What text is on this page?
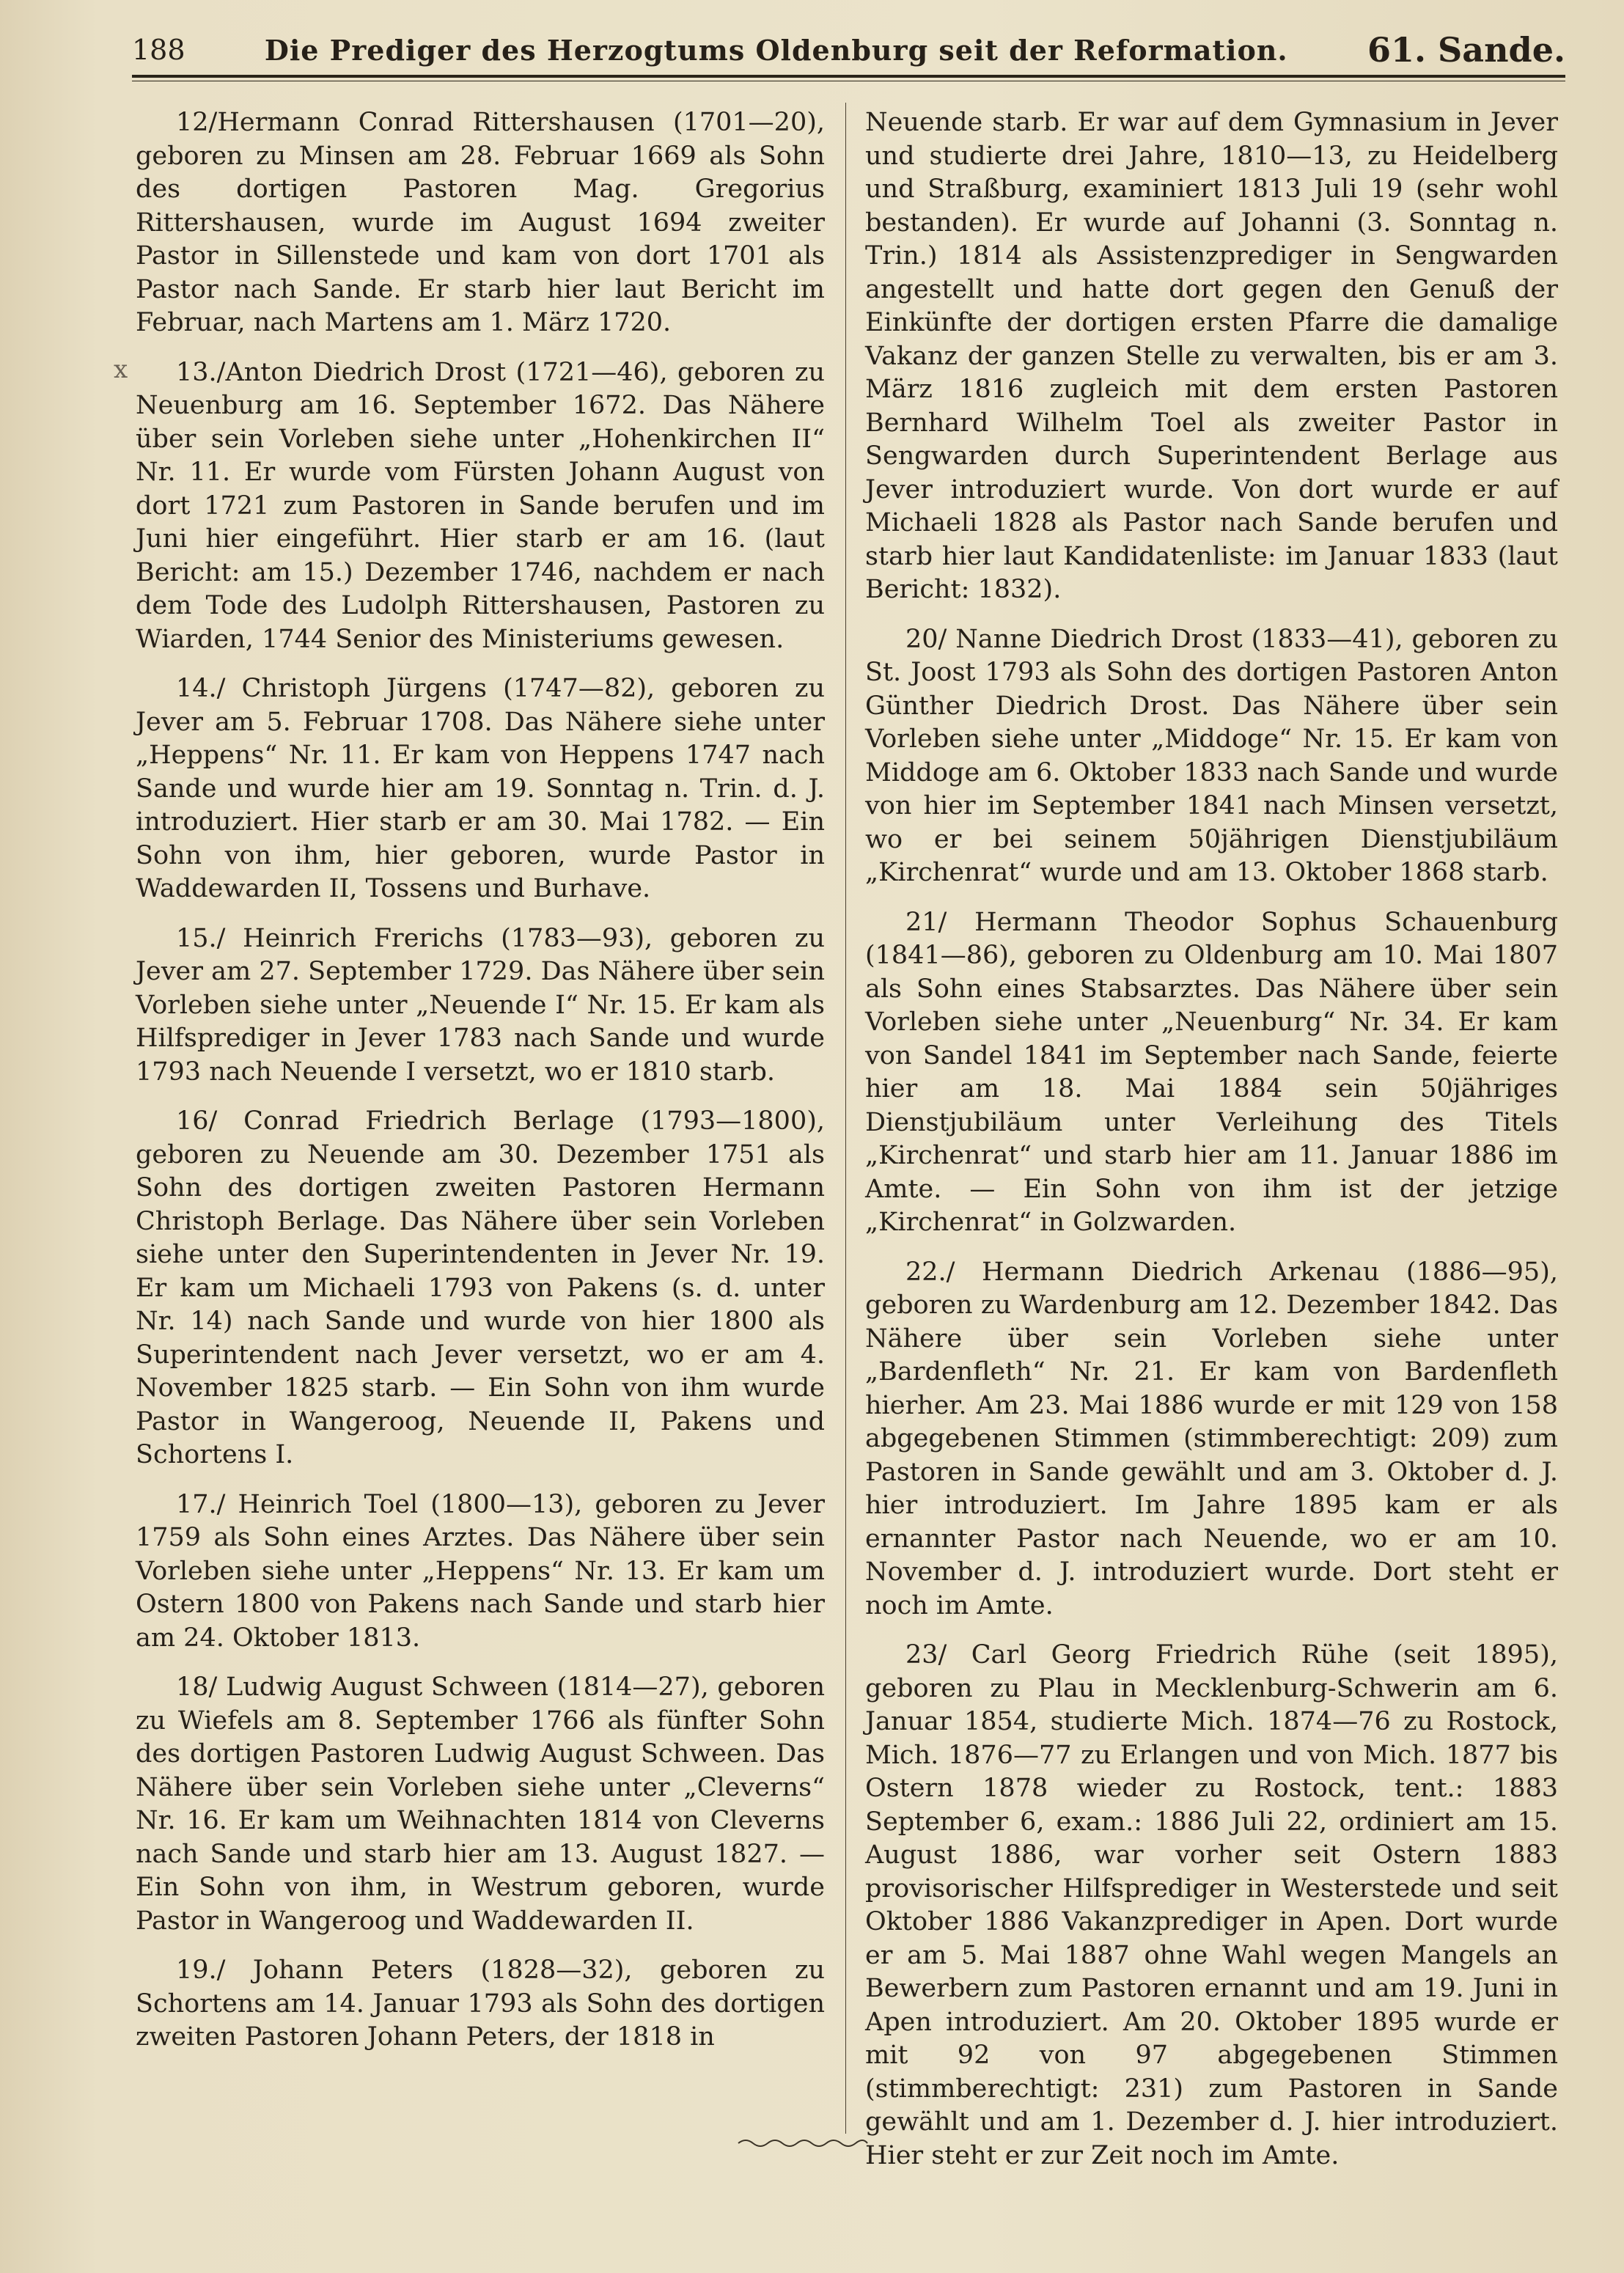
188	Die Prediger des Herzogtums Oldenburg seit der Reformation. 61. Sande.
x

12/Hermann Conrad Rittershausen (1701—20), geboren zu Minsen am 28. Februar 1669 als Sohn des dortigen Pastoren Mag. Gregorius Rittershausen, wurde im August 1694 zweiter Pastor in Sillenstede und kam von dort 1701 als Pastor nach Sande. Er starb hier laut Bericht im Februar, nach Martens am 1. März 1720.

13./Anton Diedrich Drost (1721—46), geboren zu Neuenburg am 16. September 1672. Das Nähere über sein Vorleben siehe unter „Hohenkirchen II“ Nr. 11. Er wurde vom Fürsten Johann August von dort 1721 zum Pastoren in Sande berufen und im Juni hier eingeführt. Hier starb er am 16. (laut Bericht: am 15.) Dezember 1746, nachdem er nach dem Tode des Ludolph Rittershausen, Pastoren zu Wiarden, 1744 Senior des Ministeriums gewesen.

14./ Christoph Jürgens (1747—82), geboren zu Jever am 5. Februar 1708. Das Nähere siehe unter „Heppens“ Nr. 11. Er kam von Heppens 1747 nach Sande und wurde hier am 19. Sonntag n. Trin. d. J. introduziert. Hier starb er am 30. Mai 1782. — Ein Sohn von ihm, hier geboren, wurde Pastor in Waddewarden II, Tossens und Burhave.

15./ Heinrich Frerichs (1783—93), geboren zu Jever am 27. September 1729. Das Nähere über sein Vorleben siehe unter „Neuende I“ Nr. 15. Er kam als Hilfsprediger in Jever 1783 nach Sande und wurde 1793 nach Neuende I versetzt, wo er 1810 starb.

16/ Conrad Friedrich Berlage (1793—1800), geboren zu Neuende am 30. Dezember 1751 als Sohn des dortigen zweiten Pastoren Hermann Christoph Berlage. Das Nähere über sein Vorleben siehe unter den Superintendenten in Jever Nr. 19. Er kam um Michaeli 1793 von Pakens (s. d. unter Nr. 14) nach Sande und wurde von hier 1800 als Superintendent nach Jever versetzt, wo er am 4. November 1825 starb. — Ein Sohn von ihm wurde Pastor in Wangeroog, Neuende II, Pakens und Schortens I.

17./ Heinrich Toel (1800—13), geboren zu Jever 1759 als Sohn eines Arztes. Das Nähere über sein Vorleben siehe unter „Heppens“ Nr. 13. Er kam um Ostern 1800 von Pakens nach Sande und starb hier am 24. Oktober 1813.

18/ Ludwig August Schween (1814—27), geboren zu Wiefels am 8. September 1766 als fünfter Sohn des dortigen Pastoren Ludwig August Schween. Das Nähere über sein Vorleben siehe unter „Cleverns“ Nr. 16. Er kam um Weihnachten 1814 von Cleverns nach Sande und starb hier am 13. August 1827. — Ein Sohn von ihm, in Westrum geboren, wurde Pastor in Wangeroog und Waddewarden II.

19./ Johann Peters (1828—32), geboren zu Schortens am 14. Januar 1793 als Sohn des dortigen zweiten Pastoren Johann Peters, der 1818 in

Neuende starb. Er war auf dem Gymnasium in Jever und studierte drei Jahre, 1810—13, zu Heidelberg und Straßburg, examiniert 1813 Juli 19 (sehr wohl bestanden). Er wurde auf Johanni (3. Sonntag n. Trin.) 1814 als Assistenzprediger in Sengwarden angestellt und hatte dort gegen den Genuß der Einkünfte der dortigen ersten Pfarre die damalige Vakanz der ganzen Stelle zu verwalten, bis er am 3. März 1816 zugleich mit dem ersten Pastoren Bernhard Wilhelm Toel als zweiter Pastor in Sengwarden durch Superintendent Berlage aus Jever introduziert wurde. Von dort wurde er auf Michaeli 1828 als Pastor nach Sande berufen und starb hier laut Kandidatenliste: im Januar 1833 (laut Bericht: 1832).

20/ Nanne Diedrich Drost (1833—41), geboren zu St. Joost 1793 als Sohn des dortigen Pastoren Anton Günther Diedrich Drost. Das Nähere über sein Vorleben siehe unter „Middoge“ Nr. 15. Er kam von Middoge am 6. Oktober 1833 nach Sande und wurde von hier im September 1841 nach Minsen versetzt, wo er bei seinem 50jährigen Dienstjubiläum „Kirchenrat“ wurde und am 13. Oktober 1868 starb.

21/ Hermann Theodor Sophus Schauenburg (1841—86), geboren zu Oldenburg am 10. Mai 1807 als Sohn eines Stabsarztes. Das Nähere über sein Vorleben siehe unter „Neuenburg“ Nr. 34. Er kam von Sandel 1841 im September nach Sande, feierte hier am 18. Mai 1884 sein 50jähriges Dienstjubiläum unter Verleihung des Titels „Kirchenrat“ und starb hier am 11. Januar 1886 im Amte. — Ein Sohn von ihm ist der jetzige „Kirchenrat“ in Golzwarden.

22./ Hermann Diedrich Arkenau (1886—95), geboren zu Wardenburg am 12. Dezember 1842. Das Nähere über sein Vorleben siehe unter „Bardenfleth“ Nr. 21. Er kam von Bardenfleth hierher. Am 23. Mai 1886 wurde er mit 129 von 158 abgegebenen Stimmen (stimmberechtigt: 209) zum Pastoren in Sande gewählt und am 3. Oktober d. J. hier introduziert. Im Jahre 1895 kam er als ernannter Pastor nach Neuende, wo er am 10. November d. J. introduziert wurde. Dort steht er noch im Amte.

23/ Carl Georg Friedrich Rühe (seit 1895), geboren zu Plau in Mecklenburg-Schwerin am 6. Januar 1854, studierte Mich. 1874—76 zu Rostock, Mich. 1876—77 zu Erlangen und von Mich. 1877 bis Ostern 1878 wieder zu Rostock, tent.: 1883 September 6, exam.: 1886 Juli 22, ordiniert am 15. August 1886, war vorher seit Ostern 1883 provisorischer Hilfsprediger in Westerstede und seit Oktober 1886 Vakanzprediger in Apen. Dort wurde er am 5. Mai 1887 ohne Wahl wegen Mangels an Bewerbern zum Pastoren ernannt und am 19. Juni in Apen introduziert. Am 20. Oktober 1895 wurde er mit 92 von 97 abgegebenen Stimmen (stimmberechtigt: 231) zum Pastoren in Sande gewählt und am 1. Dezember d. J. hier introduziert. Hier steht er zur Zeit noch im Amte.
